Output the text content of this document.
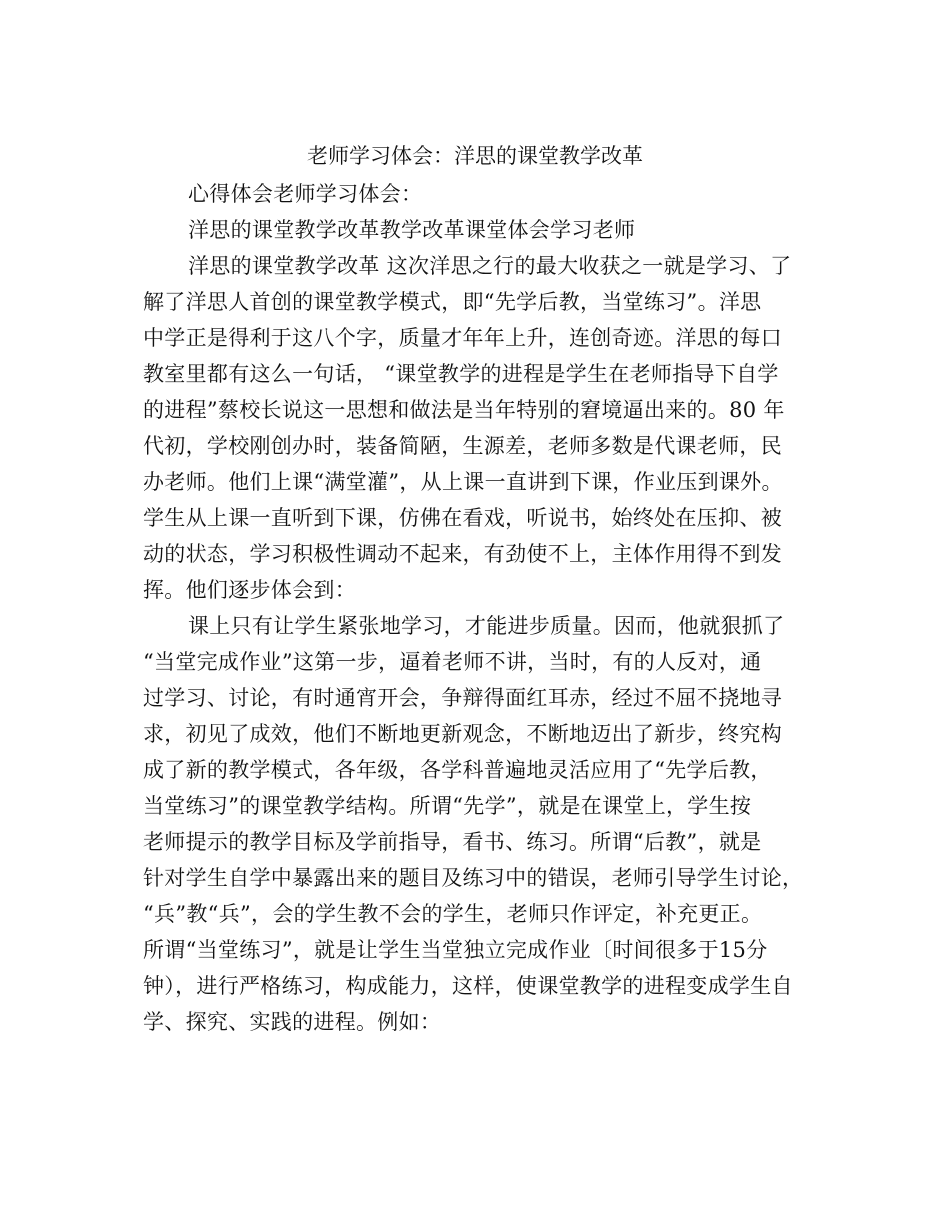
老师学习体会：洋思的课堂教学改革
心得体会老师学习体会：
洋思的课堂教学改革教学改革课堂体会学习老师
洋思的课堂教学改革 这次洋思之行的最大收获之一就是学习、了
解了洋思人首创的课堂教学模式，即“先学后教，当堂练习”。洋思
中学正是得利于这八个字，质量才年年上升，连创奇迹。洋思的每口
教室里都有这么一句话， “课堂教学的进程是学生在老师指导下自学
的进程”蔡校长说这一思想和做法是当年特别的窘境逼出来的。80 年
代初，学校刚创办时，装备简陋，生源差，老师多数是代课老师，民
办老师。他们上课“满堂灌”，从上课一直讲到下课，作业压到课外。
学生从上课一直听到下课，仿佛在看戏，听说书，始终处在压抑、被
动的状态，学习积极性调动不起来，有劲使不上，主体作用得不到发
挥。他们逐步体会到：
课上只有让学生紧张地学习，才能进步质量。因而，他就狠抓了
“当堂完成作业”这第一步，逼着老师不讲，当时，有的人反对，通
过学习、讨论，有时通宵开会，争辩得面红耳赤，经过不屈不挠地寻
求，初见了成效，他们不断地更新观念，不断地迈出了新步，终究构
成了新的教学模式，各年级，各学科普遍地灵活应用了“先学后教，
当堂练习”的课堂教学结构。所谓“先学”，就是在课堂上，学生按
老师提示的教学目标及学前指导，看书、练习。所谓“后教”，就是
针对学生自学中暴露出来的题目及练习中的错误，老师引导学生讨论，
“兵”教“兵”，会的学生教不会的学生，老师只作评定，补充更正。
所谓“当堂练习”，就是让学生当堂独立完成作业〔时间很多于15分
钟），进行严格练习，构成能力，这样，使课堂教学的进程变成学生自
学、探究、实践的进程。例如：
